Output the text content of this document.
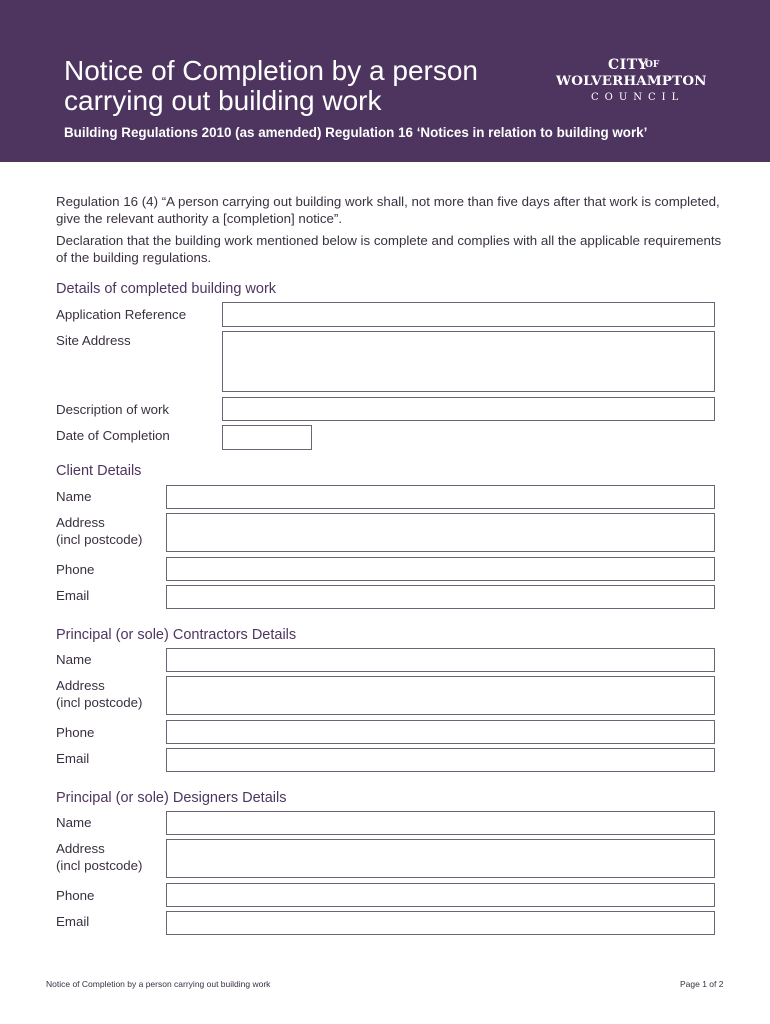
Notice of Completion by a person carrying out building work
CITY
OF
WOLVERHAMPTON
COUNCIL
Building Regulations 2010 (as amended) Regulation 16 ‘Notices in relation to building work’
Regulation 16 (4) “A person carrying out building work shall, not more than five days after that work is completed, give the relevant authority a [completion] notice”.
Declaration that the building work mentioned below is complete and complies with all the applicable requirements of the building regulations.
Details of completed building work
Application Reference
Site Address
Description of work
Date of Completion
Client Details
Name
Address
(incl postcode)
Phone
Email
Principal (or sole) Contractors Details
Name
Address
(incl postcode)
Phone
Email
Principal (or sole) Designers Details
Name
Address
(incl postcode)
Phone
Email
Notice of Completion by a person carrying out building work	Page 1 of 2
